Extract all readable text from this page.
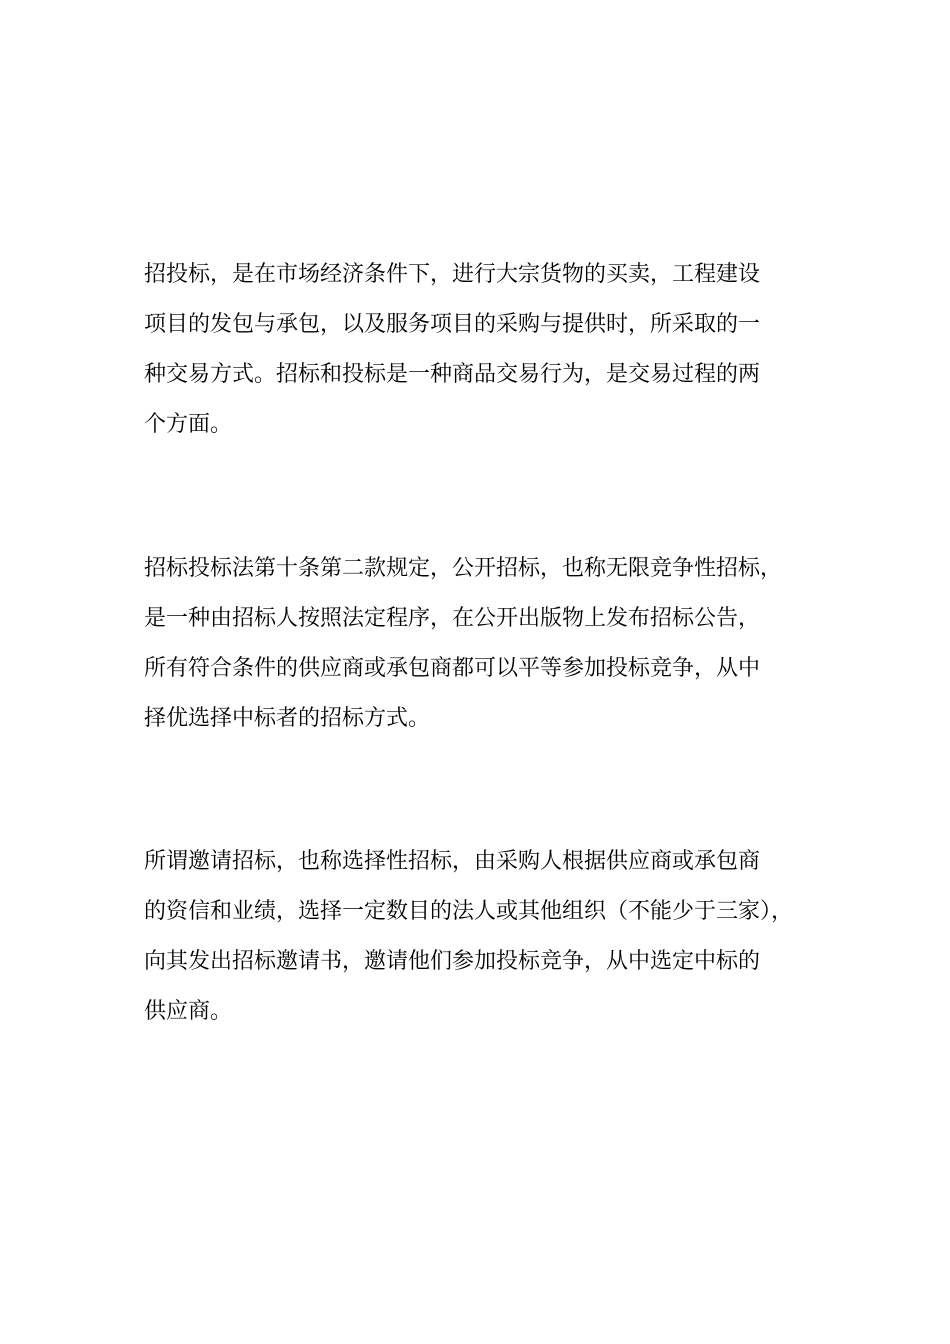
招投标，是在市场经济条件下，进行大宗货物的买卖，工程建设
项目的发包与承包，以及服务项目的采购与提供时，所采取的一
种交易方式。招标和投标是一种商品交易行为，是交易过程的两
个方面。
招标投标法第十条第二款规定，公开招标，也称无限竞争性招标，
是一种由招标人按照法定程序，在公开出版物上发布招标公告，
所有符合条件的供应商或承包商都可以平等参加投标竞争，从中
择优选择中标者的招标方式。
所谓邀请招标，也称选择性招标，由采购人根据供应商或承包商
的资信和业绩，选择一定数目的法人或其他组织（不能少于三家），
向其发出招标邀请书，邀请他们参加投标竞争，从中选定中标的
供应商。
